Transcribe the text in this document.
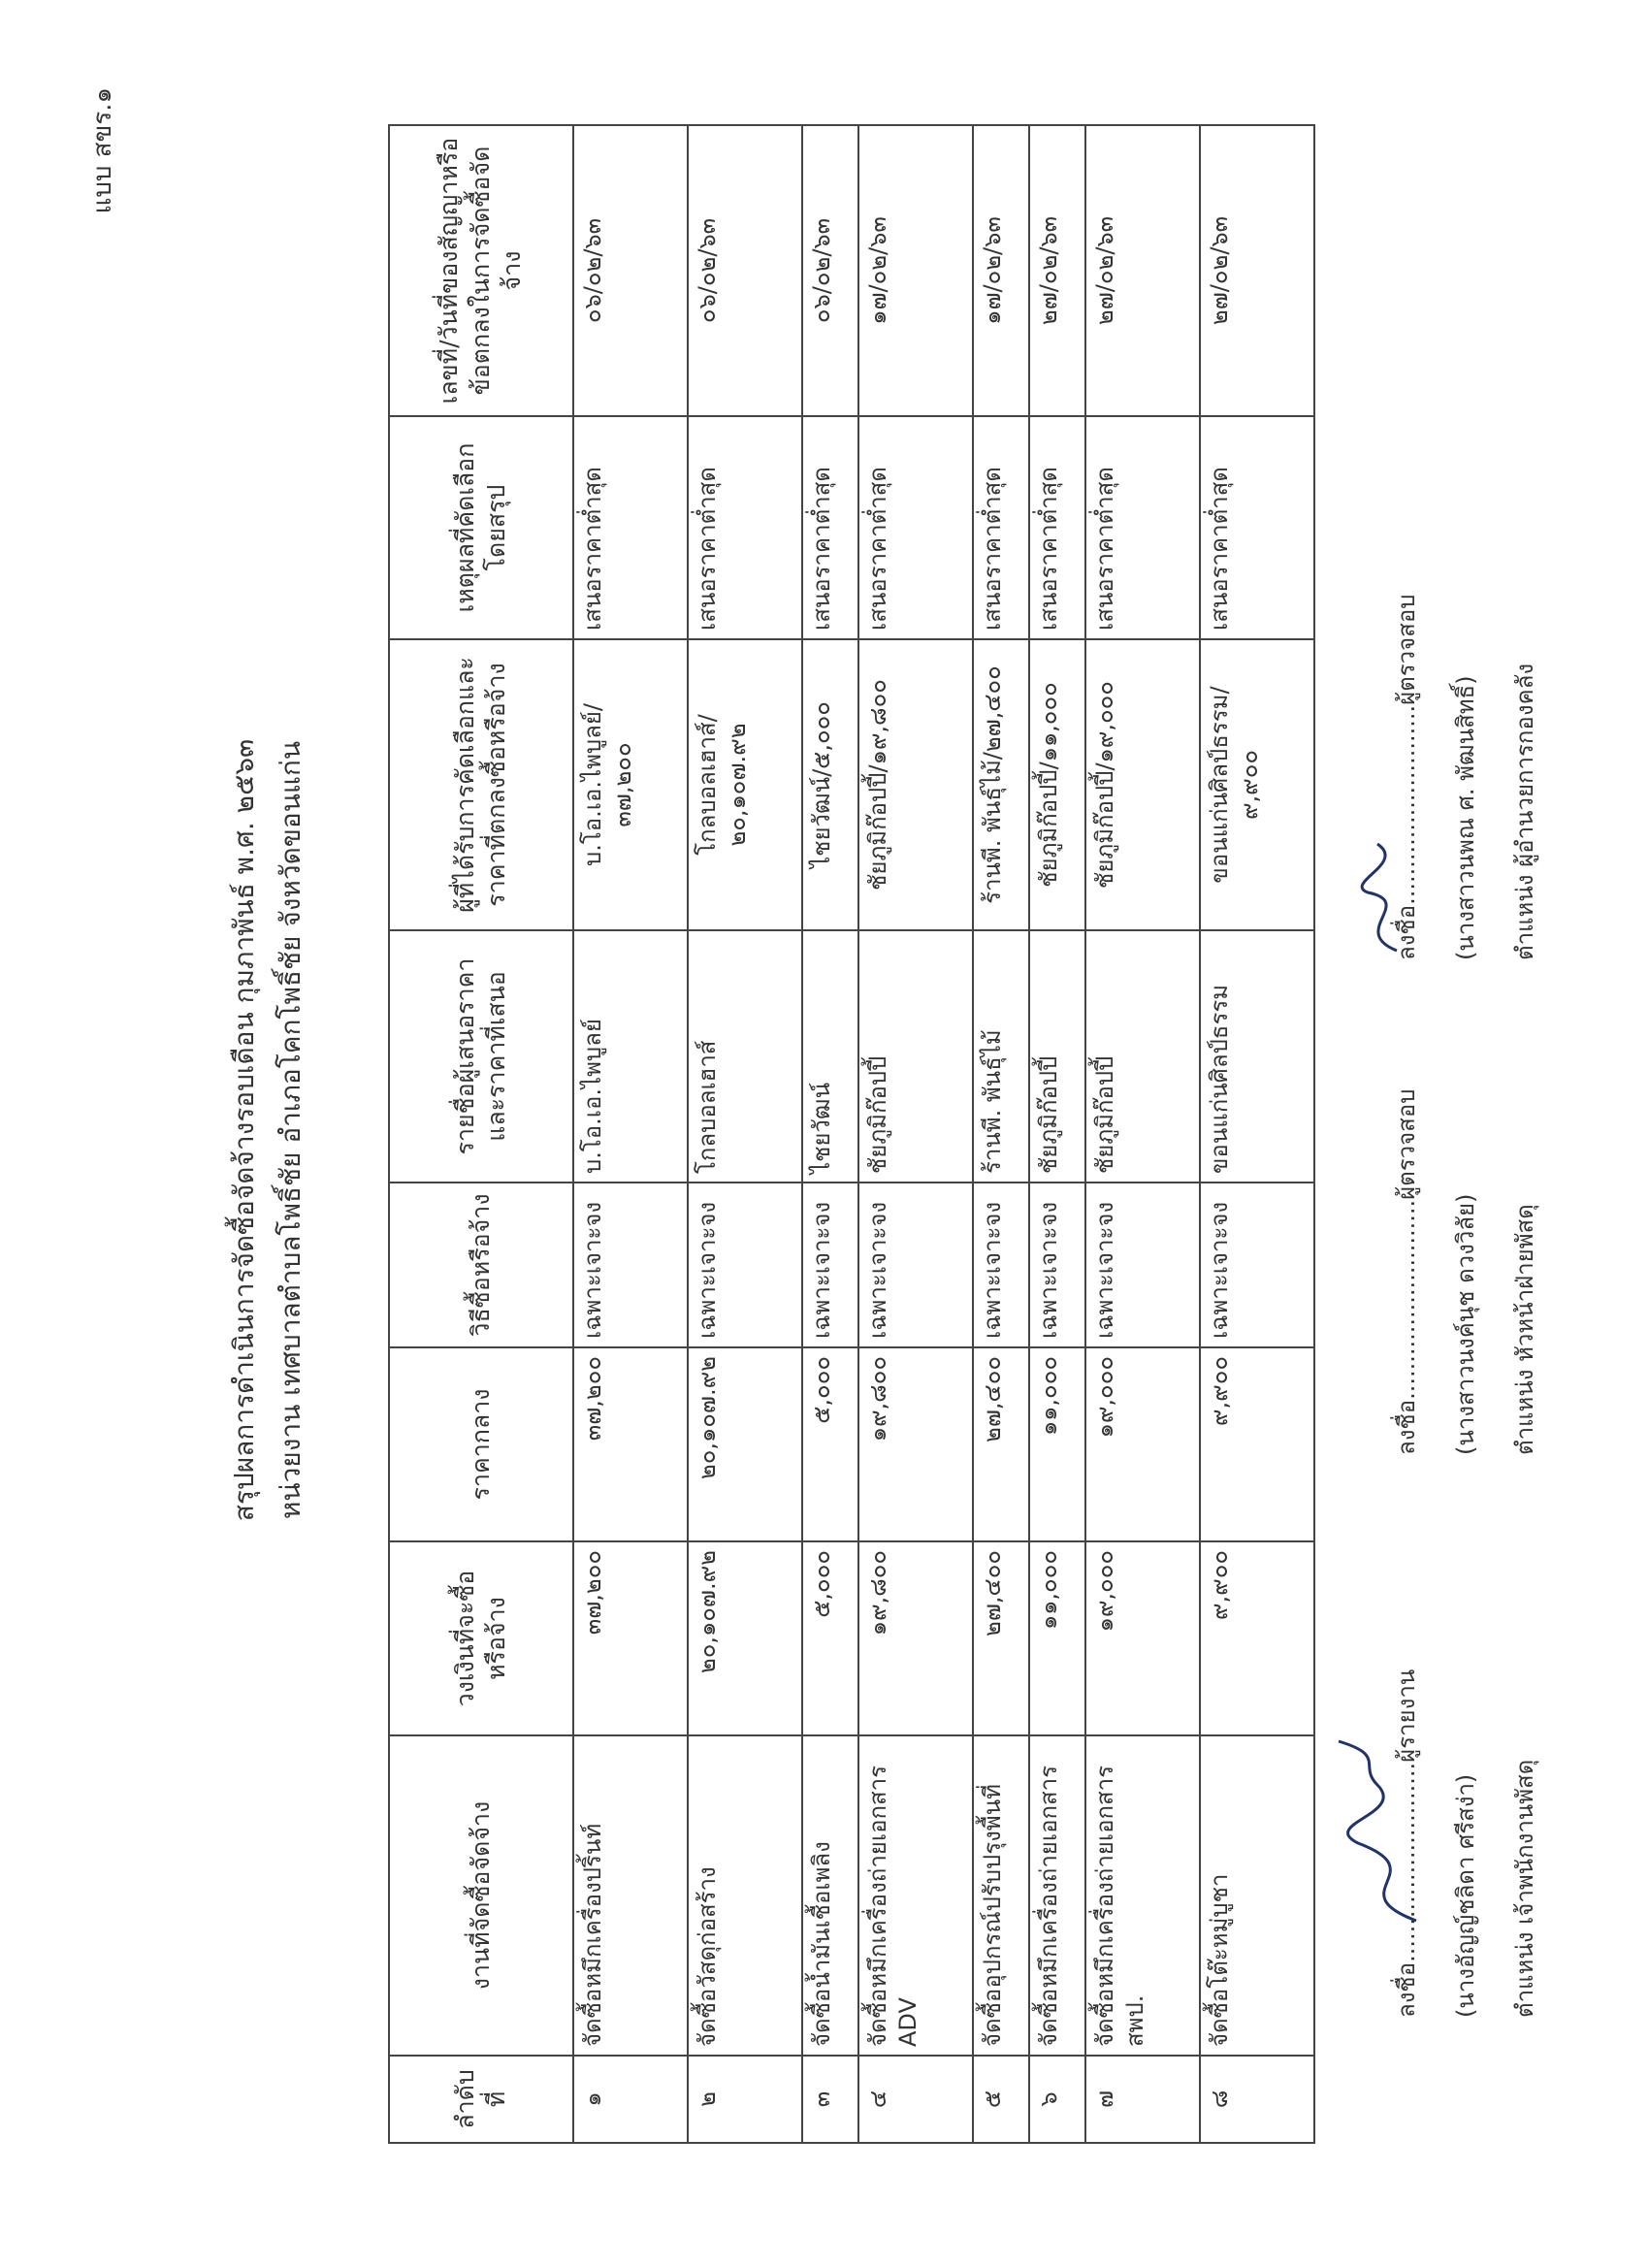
แบบ สขร.๑
สรุปผลการดำเนินการจัดซื้อจัดจ้างรอบเดือน กุมภาพันธ์ พ.ศ. ๒๕๖๓ หน่วยงาน เทศบาลตำบลโพธิ์ชัย อำเภอโคกโพธิ์ชัย จังหวัดขอนแก่น
ลำดับที่	งานที่จัดซื้อจัดจ้าง	วงเงินที่จะซื้อหรือจ้าง	ราคากลาง	วิธีซื้อหรือจ้าง	รายชื่อผู้เสนอราคาและราคาที่เสนอ	ผู้ที่ได้รับการคัดเลือกและราคาที่ตกลงซื้อหรือจ้าง	เหตุผลที่คัดเลือกโดยสรุป	เลขที่/วันที่ของสัญญาหรือข้อตกลงในการจัดซื้อจัดจ้าง
๑	จัดซื้อหมึกเครื่องปริ้นท์	๓๗,๒๐๐	๓๗,๒๐๐	เฉพาะเจาะจง	บ.โอ.เอ.ไพบูลย์	บ.โอ.เอ.ไพบูลย์/ ๓๗,๒๐๐	เสนอราคาต่ำสุด	๐๖/๐๒/๖๓
๒	จัดซื้อวัสดุก่อสร้าง	๒๐,๑๐๗.๙๒	๒๐,๑๐๗.๙๒	เฉพาะเจาะจง	โกลบอลเฮาส์	โกลบอลเฮาส์/ ๒๐,๑๐๗.๙๒	เสนอราคาต่ำสุด	๐๖/๐๒/๖๓
๓	จัดซื้อน้ำมันเชื้อเพลิง	๕,๐๐๐	๕,๐๐๐	เฉพาะเจาะจง	ไชยวัฒน์	ไชยวัฒน์/๕,๐๐๐	เสนอราคาต่ำสุด	๐๖/๐๒/๖๓
๔	จัดซื้อหมึกเครื่องถ่ายเอกสาร ADV	๑๙,๘๐๐	๑๙,๘๐๐	เฉพาะเจาะจง	ชัยภูมิก๊อปปี้	ชัยภูมิก๊อปปี้/๑๙,๘๐๐	เสนอราคาต่ำสุด	๑๗/๐๒/๖๓
๕	จัดซื้ออุปกรณ์ปรับปรุงพื้นที่	๒๗,๔๐๐	๒๗,๔๐๐	เฉพาะเจาะจง	ร้านพี. พันธุ์ไม้	ร้านพี. พันธุ์ไม้/๒๗,๔๐๐	เสนอราคาต่ำสุด	๑๗/๐๒/๖๓
๖	จัดซื้อหมึกเครื่องถ่ายเอกสาร	๑๑,๐๐๐	๑๑,๐๐๐	เฉพาะเจาะจง	ชัยภูมิก๊อปปี้	ชัยภูมิก๊อปปี้/๑๑,๐๐๐	เสนอราคาต่ำสุด	๒๗/๐๒/๖๓
๗	จัดซื้อหมึกเครื่องถ่ายเอกสาร สพป.	๑๙,๐๐๐	๑๙,๐๐๐	เฉพาะเจาะจง	ชัยภูมิก๊อปปี้	ชัยภูมิก๊อปปี้/๑๙,๐๐๐	เสนอราคาต่ำสุด	๒๗/๐๒/๖๓
๘	จัดซื้อโต๊ะหมู่บูชา	๙,๙๐๐	๙,๙๐๐	เฉพาะเจาะจง	ขอนแก่นศิลป์ธรรม	ขอนแก่นศิลป์ธรรม/ ๙,๙๐๐	เสนอราคาต่ำสุด	๒๗/๐๒/๖๓
ลงชื่อ...........................ผู้รายงาน (นางอัญญ์ชลิดา ศรีสง่า) ตำแหน่ง เจ้าพนักงานพัสดุ
ลงชื่อ...........................ผู้ตรวจสอบ (นางสาวนงค์นุช ดวงวิลัย) ตำแหน่ง หัวหน้าฝ่ายพัสดุ
ลงชื่อ...........................ผู้ตรวจสอบ (นางสาวนพณ ศ. พัฒนสิทธิ์) ตำแหน่ง ผู้อำนวยการกองคลัง
